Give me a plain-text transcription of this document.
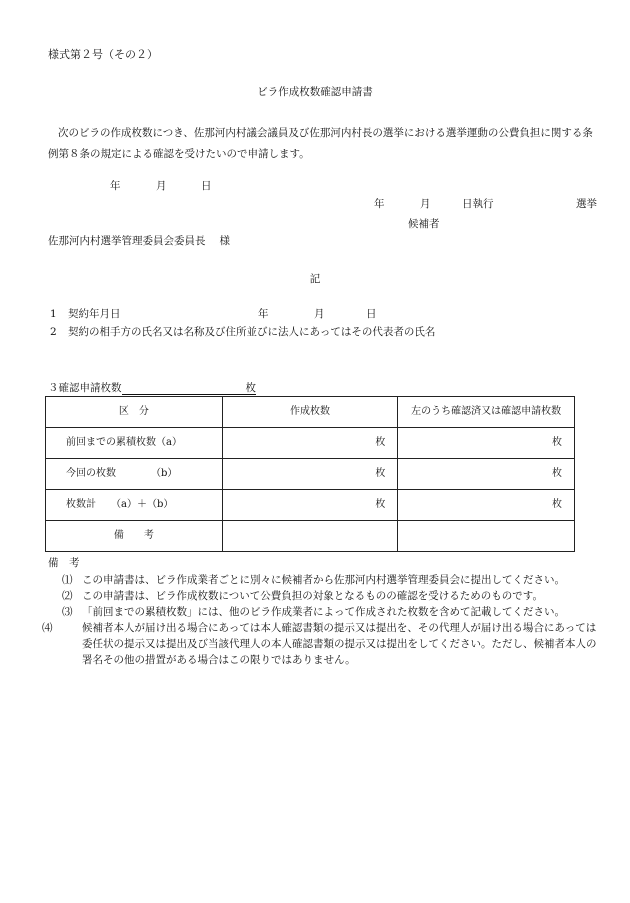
様式第２号（その２）
ビラ作成枚数確認申請書
次のビラの作成枚数につき、佐那河内村議会議員及び佐那河内村長の選挙における選挙運動の公費負担に関する条例第８条の規定による確認を受けたいので申請します。
年	月	日
年	月	日執行	選挙
候補者
佐那河内村選挙管理委員会委員長 様
記
1 契約年月日	年	月	日
2 契約の相手方の氏名又は名称及び住所並びに法人にあってはその代表者の氏名
３確認申請枚数	枚
区　分	作成枚数	左のうち確認済又は確認申請枚数
前回までの累積枚数（a）	枚	枚
今回の枚数　　　　（b）	枚	枚
枚数計　　（a）＋（b）	枚	枚
備　　考		
備　考
⑴ この申請書は、ビラ作成業者ごとに別々に候補者から佐那河内村選挙管理委員会に提出してください。
⑵ この申請書は、ビラ作成枚数について公費負担の対象となるものの確認を受けるためのものです。
⑶ 「前回までの累積枚数」には、他のビラ作成業者によって作成された枚数を含めて記載してください。
⑷	候補者本人が届け出る場合にあっては本人確認書類の提示又は提出を、その代理人が届け出る場合にあっては委任状の提示又は提出及び当該代理人の本人確認書類の提示又は提出をしてください。ただし、候補者本人の署名その他の措置がある場合はこの限りではありません。
